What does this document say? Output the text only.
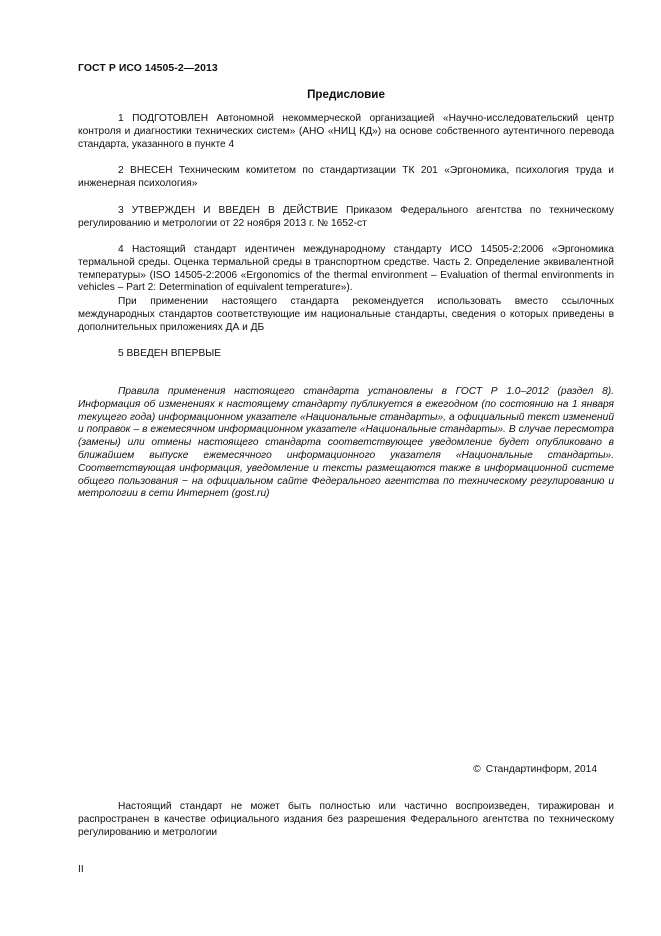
ГОСТ Р ИСО 14505-2—2013
Предисловие

1 ПОДГОТОВЛЕН Автономной некоммерческой организацией «Научно-исследовательский центр контроля и диагностики технических систем» (АНО «НИЦ КД») на основе собственного аутентичного перевода стандарта, указанного в пункте 4

2 ВНЕСЕН Техническим комитетом по стандартизации ТК 201 «Эргономика, психология труда и инженерная психология»

3 УТВЕРЖДЕН И ВВЕДЕН В ДЕЙСТВИЕ Приказом Федерального агентства по техническому регулированию и метрологии от 22 ноября 2013 г. № 1652-ст

4 Настоящий стандарт идентичен международному стандарту ИСО 14505-2:2006 «Эргономика термальной среды. Оценка термальной среды в транспортном средстве. Часть 2. Определение эквивалентной температуры» (ISO 14505-2:2006 «Ergonomics of the thermal environment – Evaluation of thermal environments in vehicles – Part 2: Determination of equivalent temperature»).

При применении настоящего стандарта рекомендуется использовать вместо ссылочных международных стандартов соответствующие им национальные стандарты, сведения о которых приведены в дополнительных приложениях ДА и ДБ

5 ВВЕДЕН ВПЕРВЫЕ

Правила применения настоящего стандарта установлены в ГОСТ Р 1.0–2012 (раздел 8). Информация об изменениях к настоящему стандарту публикуется в ежегодном (по состоянию на 1 января текущего года) информационном указателе «Национальные стандарты», а официальный текст изменений и поправок – в ежемесячном информационном указателе «Национальные стандарты». В случае пересмотра (замены) или отмены настоящего стандарта соответствующее уведомление будет опубликовано в ближайшем выпуске ежемесячного информационного указателя «Национальные стандарты». Соответствующая информация, уведомление и тексты размещаются также в информационной системе общего пользования − на официальном сайте Федерального агентства по техническому регулированию и метрологии в сети Интернет (gost.ru)

© Стандартинформ, 2014

Настоящий стандарт не может быть полностью или частично воспроизведен, тиражирован и распространен в качестве официального издания без разрешения Федерального агентства по техническому регулированию и метрологии

II
